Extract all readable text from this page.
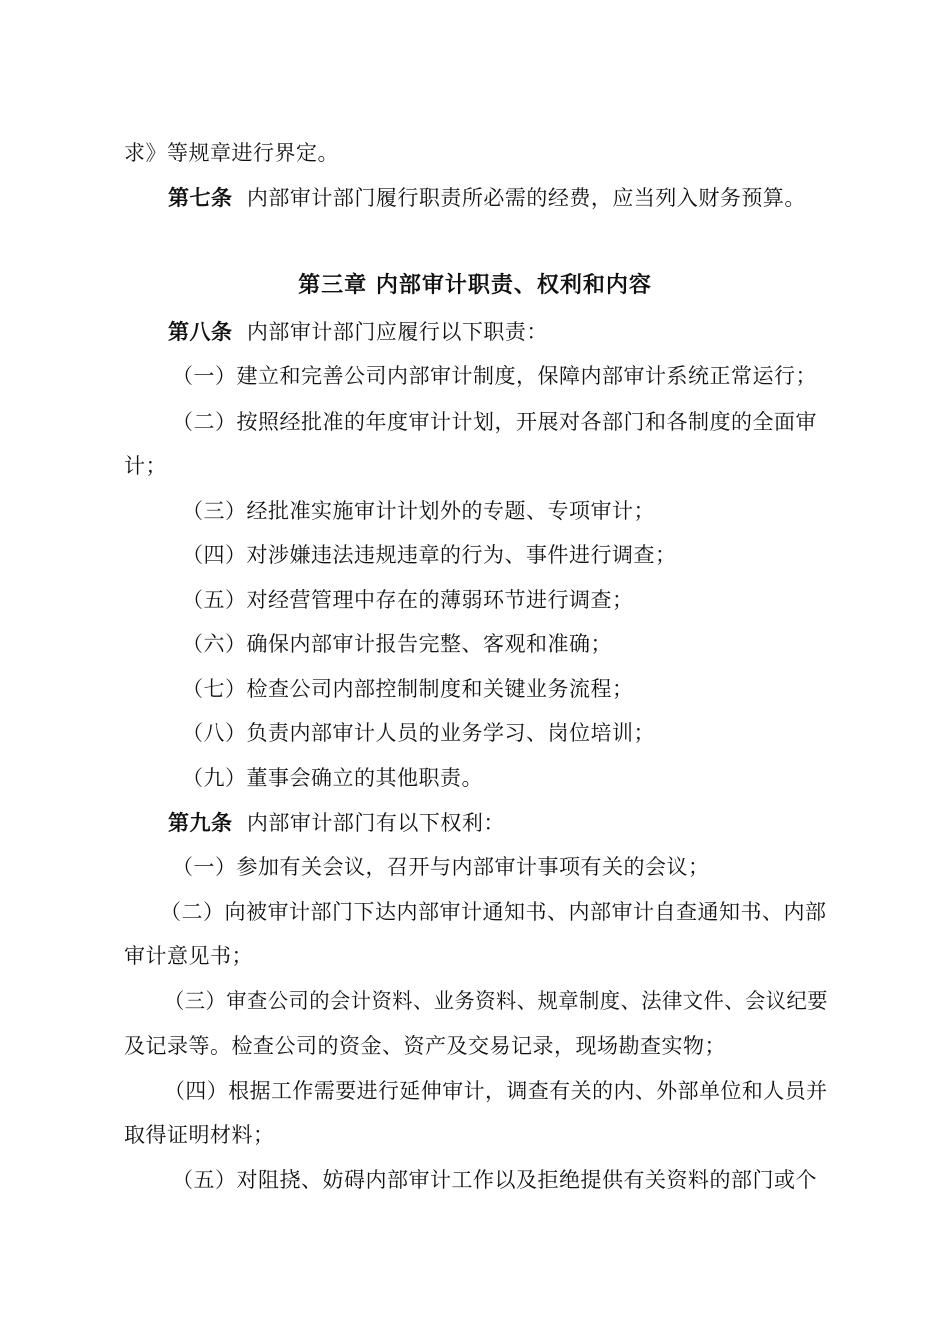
求》等规章进行界定。
第七条 内部审计部门履行职责所必需的经费，应当列入财务预算。
第三章 内部审计职责、权利和内容
第八条 内部审计部门应履行以下职责：
（一）建立和完善公司内部审计制度，保障内部审计系统正常运行；
（二）按照经批准的年度审计计划，开展对各部门和各制度的全面审
计；
（三）经批准实施审计计划外的专题、专项审计；
（四）对涉嫌违法违规违章的行为、事件进行调查；
（五）对经营管理中存在的薄弱环节进行调查；
（六）确保内部审计报告完整、客观和准确；
（七）检查公司内部控制制度和关键业务流程；
（八）负责内部审计人员的业务学习、岗位培训；
（九）董事会确立的其他职责。
第九条 内部审计部门有以下权利：
（一）参加有关会议，召开与内部审计事项有关的会议；
（二）向被审计部门下达内部审计通知书、内部审计自查通知书、内部
审计意见书；
（三）审查公司的会计资料、业务资料、规章制度、法律文件、会议纪要
及记录等。检查公司的资金、资产及交易记录，现场勘查实物；
（四）根据工作需要进行延伸审计，调查有关的内、外部单位和人员并
取得证明材料；
（五）对阻挠、妨碍内部审计工作以及拒绝提供有关资料的部门或个
